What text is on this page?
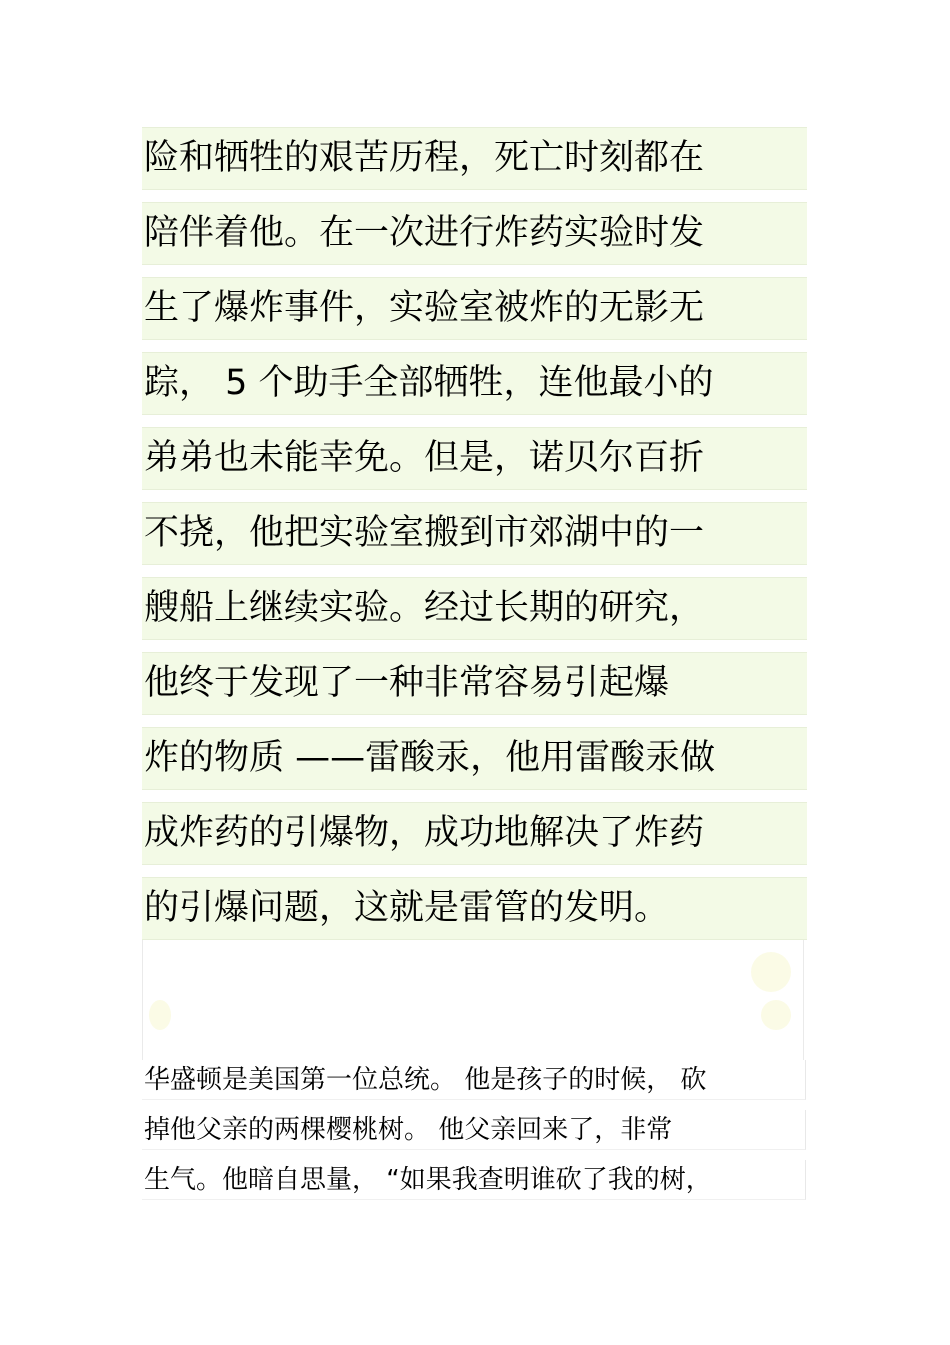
险和牺牲的艰苦历程，死亡时刻都在
陪伴着他。在一次进行炸药实验时发
生了爆炸事件，实验室被炸的无影无
踪， 5 个助手全部牺牲，连他最小的
弟弟也未能幸免。但是，诺贝尔百折
不挠，他把实验室搬到市郊湖中的一
艘船上继续实验。经过长期的研究，
他终于发现了一种非常容易引起爆
炸的物质 ——雷酸汞，他用雷酸汞做
成炸药的引爆物，成功地解决了炸药
的引爆问题，这就是雷管的发明。
华盛顿是美国第一位总统。 他是孩子的时候， 砍
掉他父亲的两棵樱桃树。 他父亲回来了，非常
生气。他暗自思量， “如果我查明谁砍了我的树，
